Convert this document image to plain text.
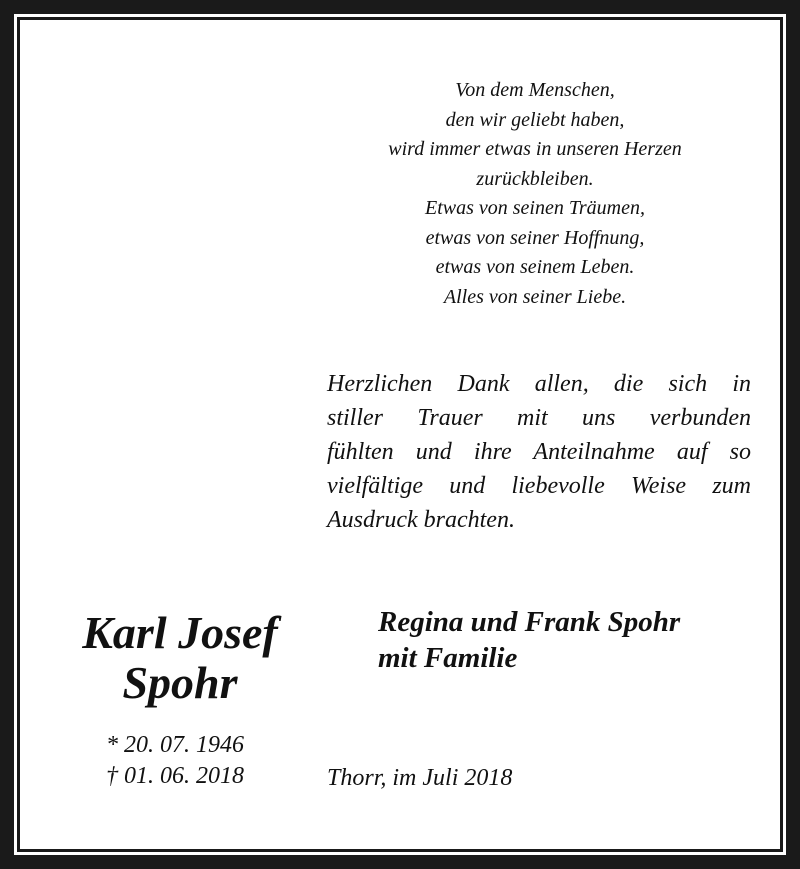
Von dem Menschen,
den wir geliebt haben,
wird immer etwas in unseren Herzen
zurückbleiben.
Etwas von seinen Träumen,
etwas von seiner Hoffnung,
etwas von seinem Leben.
Alles von seiner Liebe.
Herzlichen Dank allen, die sich in
stiller Trauer mit uns verbunden
fühlten und ihre Anteilnahme auf so
vielfältige und liebevolle Weise zum
Ausdruck brachten.
Karl Josef
Spohr
* 20. 07. 1946
† 01. 06. 2018
Regina und Frank Spohr
mit Familie
Thorr, im Juli 2018
